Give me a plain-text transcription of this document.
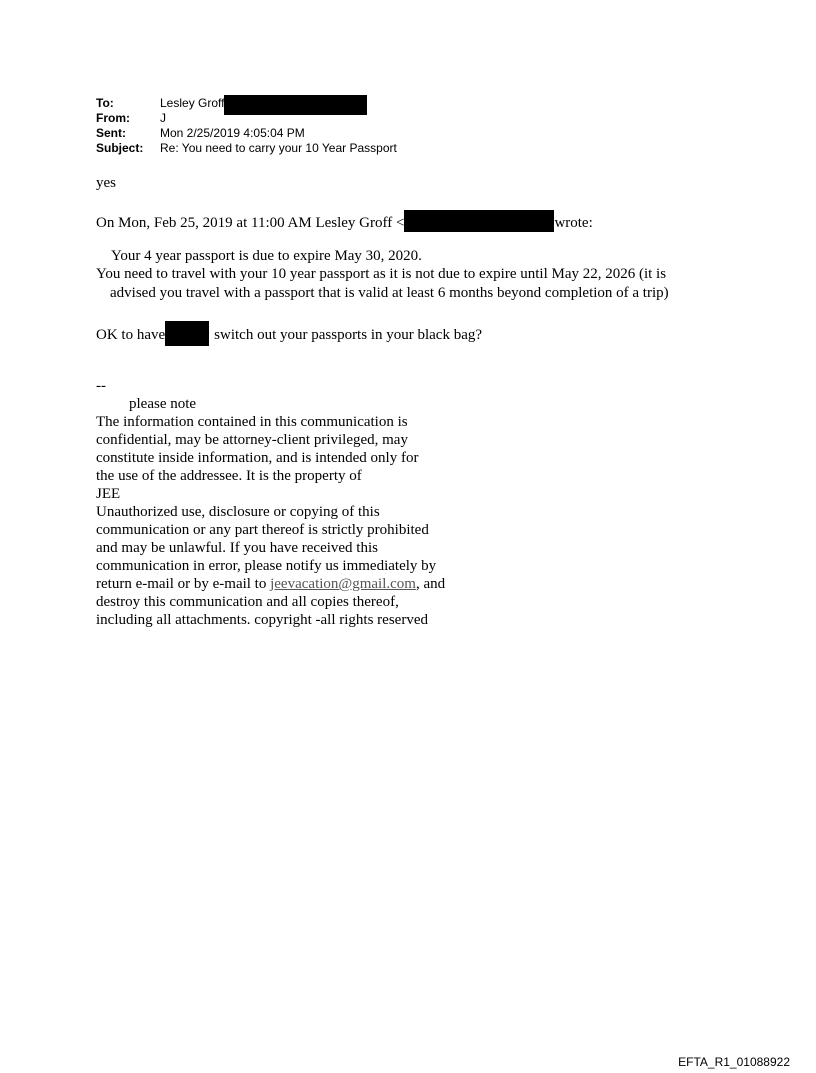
To:	Lesley Groff
From:	J
Sent:	Mon 2/25/2019 4:05:04 PM
Subject:	Re: You need to carry your 10 Year Passport
yes
On Mon, Feb 25, 2019 at 11:00 AM Lesley Groff <	wrote:
Your 4 year passport is due to expire May 30, 2020.
You need to travel with your 10 year passport as it is not due to expire until May 22, 2026 (it is
advised you travel with a passport that is valid at least 6 months beyond completion of a trip)
OK to have	switch out your passports in your black bag?
--
please note
The information contained in this communication is
confidential, may be attorney-client privileged, may
constitute inside information, and is intended only for
the use of the addressee. It is the property of
JEE
Unauthorized use, disclosure or copying of this
communication or any part thereof is strictly prohibited
and may be unlawful. If you have received this
communication in error, please notify us immediately by
return e-mail or by e-mail to jeevacation@gmail.com, and
destroy this communication and all copies thereof,
including all attachments. copyright -all rights reserved
EFTA_R1_01088922
